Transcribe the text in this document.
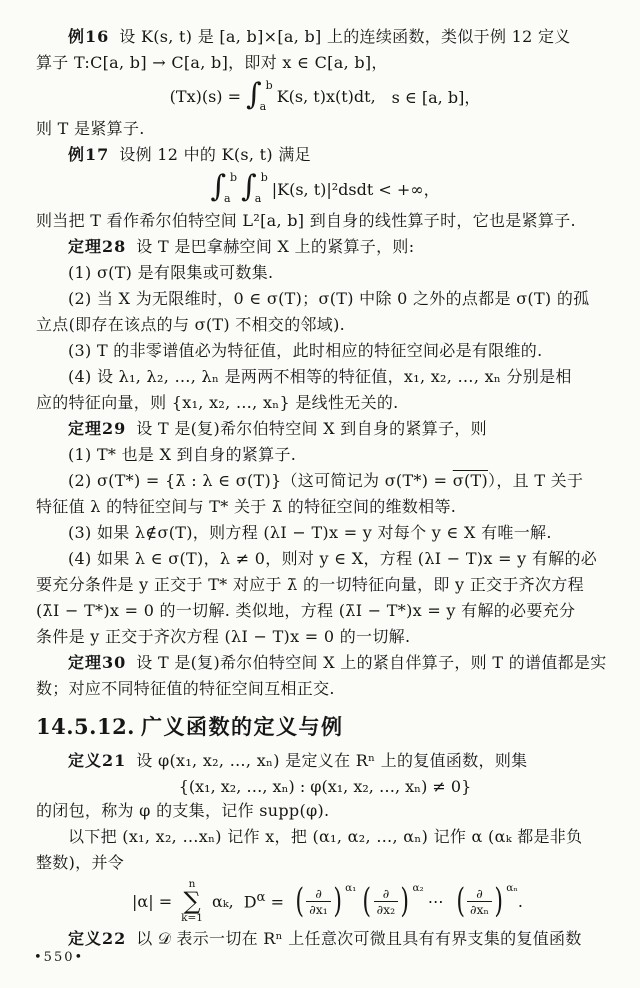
例16 设 K(s, t) 是 [a, b]×[a, b] 上的连续函数，类似于例 12 定义

算子 T:C[a, b] → C[a, b]，即对 x ∈ C[a, b]，

(Tx)(s) = ∫ b
a
K(s, t)x(t)dt, s ∈ [a, b]，

则 T 是紧算子.

例17 设例 12 中的 K(s, t) 满足

∫ b
a ∫ b
a |K(s, t)|²dsdt < +∞，

则当把 T 看作希尔伯特空间 L²[a, b] 到自身的线性算子时，它也是紧算子.

定理28 设 T 是巴拿赫空间 X 上的紧算子，则:

(1) σ(T) 是有限集或可数集.

(2) 当 X 为无限维时，0 ∈ σ(T)；σ(T) 中除 0 之外的点都是 σ(T) 的孤

立点(即存在该点的与 σ(T) 不相交的邻域).

(3) T 的非零谱值必为特征值，此时相应的特征空间必是有限维的.

(4) 设 λ₁, λ₂, …, λₙ 是两两不相等的特征值，x₁, x₂, …, xₙ 分别是相

应的特征向量，则 {x₁, x₂, …, xₙ} 是线性无关的.

定理29 设 T 是(复)希尔伯特空间 X 到自身的紧算子，则

(1) T* 也是 X 到自身的紧算子.

(2) σ(T*) = {λ̄ : λ ∈ σ(T)}（这可简记为 σ(T*) = σ(T)），且 T 关于

特征值 λ 的特征空间与 T* 关于 λ̄ 的特征空间的维数相等.

(3) 如果 λ∉σ(T)，则方程 (λI − T)x = y 对每个 y ∈ X 有唯一解.

(4) 如果 λ ∈ σ(T)，λ ≠ 0，则对 y ∈ X，方程 (λI − T)x = y 有解的必

要充分条件是 y 正交于 T* 对应于 λ̄ 的一切特征向量，即 y 正交于齐次方程

(λ̄I − T*)x = 0 的一切解. 类似地，方程 (λ̄I − T*)x = y 有解的必要充分

条件是 y 正交于齐次方程 (λI − T)x = 0 的一切解.

定理30 设 T 是(复)希尔伯特空间 X 上的紧自伴算子，则 T 的谱值都是实

数；对应不同特征值的特征空间互相正交.

14.5.12. 广义函数的定义与例

定义21 设 φ(x₁, x₂, …, xₙ) 是定义在 Rⁿ 上的复值函数，则集

{(x₁, x₂, …, xₙ) : φ(x₁, x₂, …, xₙ) ≠ 0}

的闭包，称为 φ 的支集，记作 supp(φ).

以下把 (x₁, x₂, …xₙ) 记作 x，把 (α₁, α₂, …, αₙ) 记作 α (αₖ 都是非负

整数)，并令

|α| =
n
∑
k=1
αₖ, $D^\alpha$ = ( $\frac{\partial}{\text{∂x₁}}$ ) α₁ ( $\frac{\partial}{\text{∂x₂}}$ ) α₂
⋯ ( $\frac{\partial}{\text{∂xₙ}}$ ) αₙ
.

定义22 以 𝒟 表示一切在 Rⁿ 上任意次可微且具有有界支集的复值函数

•550•
